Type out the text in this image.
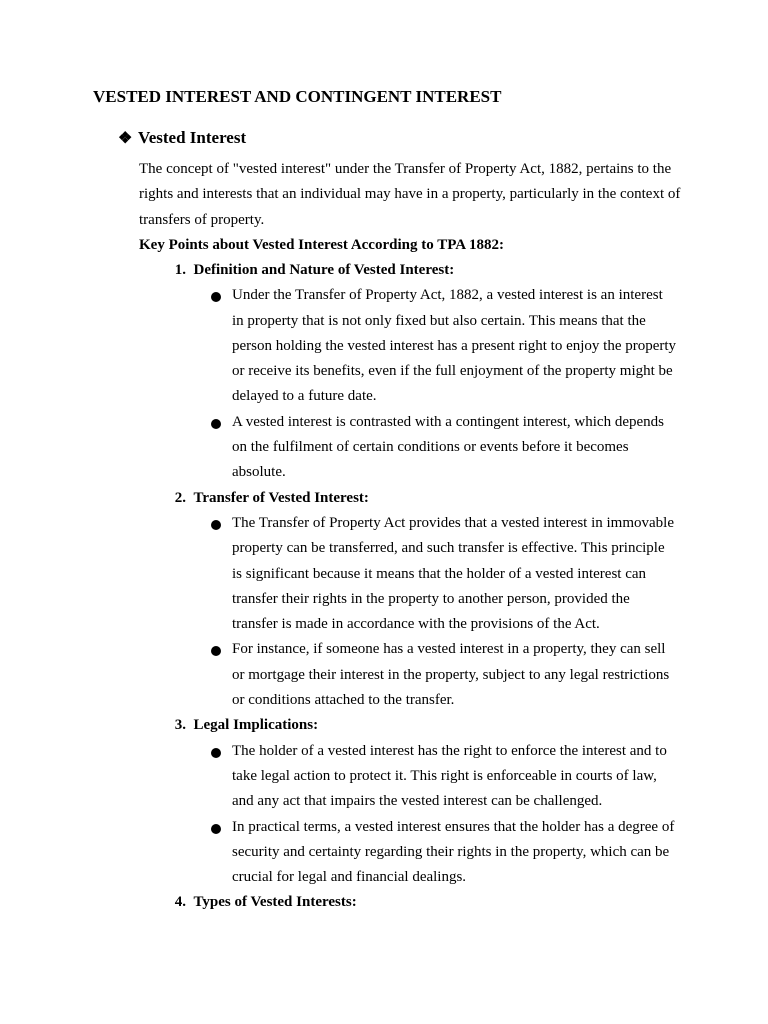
VESTED INTEREST AND CONTINGENT INTEREST
❖ Vested Interest

The concept of "vested interest" under the Transfer of Property Act, 1882, pertains to the rights and interests that an individual may have in a property, particularly in the context of transfers of property.

Key Points about Vested Interest According to TPA 1882:

1. Definition and Nature of Vested Interest:
Under the Transfer of Property Act, 1882, a vested interest is an interest in property that is not only fixed but also certain. This means that the person holding the vested interest has a present right to enjoy the property or receive its benefits, even if the full enjoyment of the property might be delayed to a future date.
A vested interest is contrasted with a contingent interest, which depends on the fulfilment of certain conditions or events before it becomes absolute.
2. Transfer of Vested Interest:
The Transfer of Property Act provides that a vested interest in immovable property can be transferred, and such transfer is effective. This principle is significant because it means that the holder of a vested interest can transfer their rights in the property to another person, provided the transfer is made in accordance with the provisions of the Act.
For instance, if someone has a vested interest in a property, they can sell or mortgage their interest in the property, subject to any legal restrictions or conditions attached to the transfer.
3. Legal Implications:
The holder of a vested interest has the right to enforce the interest and to take legal action to protect it. This right is enforceable in courts of law, and any act that impairs the vested interest can be challenged.
In practical terms, a vested interest ensures that the holder has a degree of security and certainty regarding their rights in the property, which can be crucial for legal and financial dealings.
4. Types of Vested Interests:
